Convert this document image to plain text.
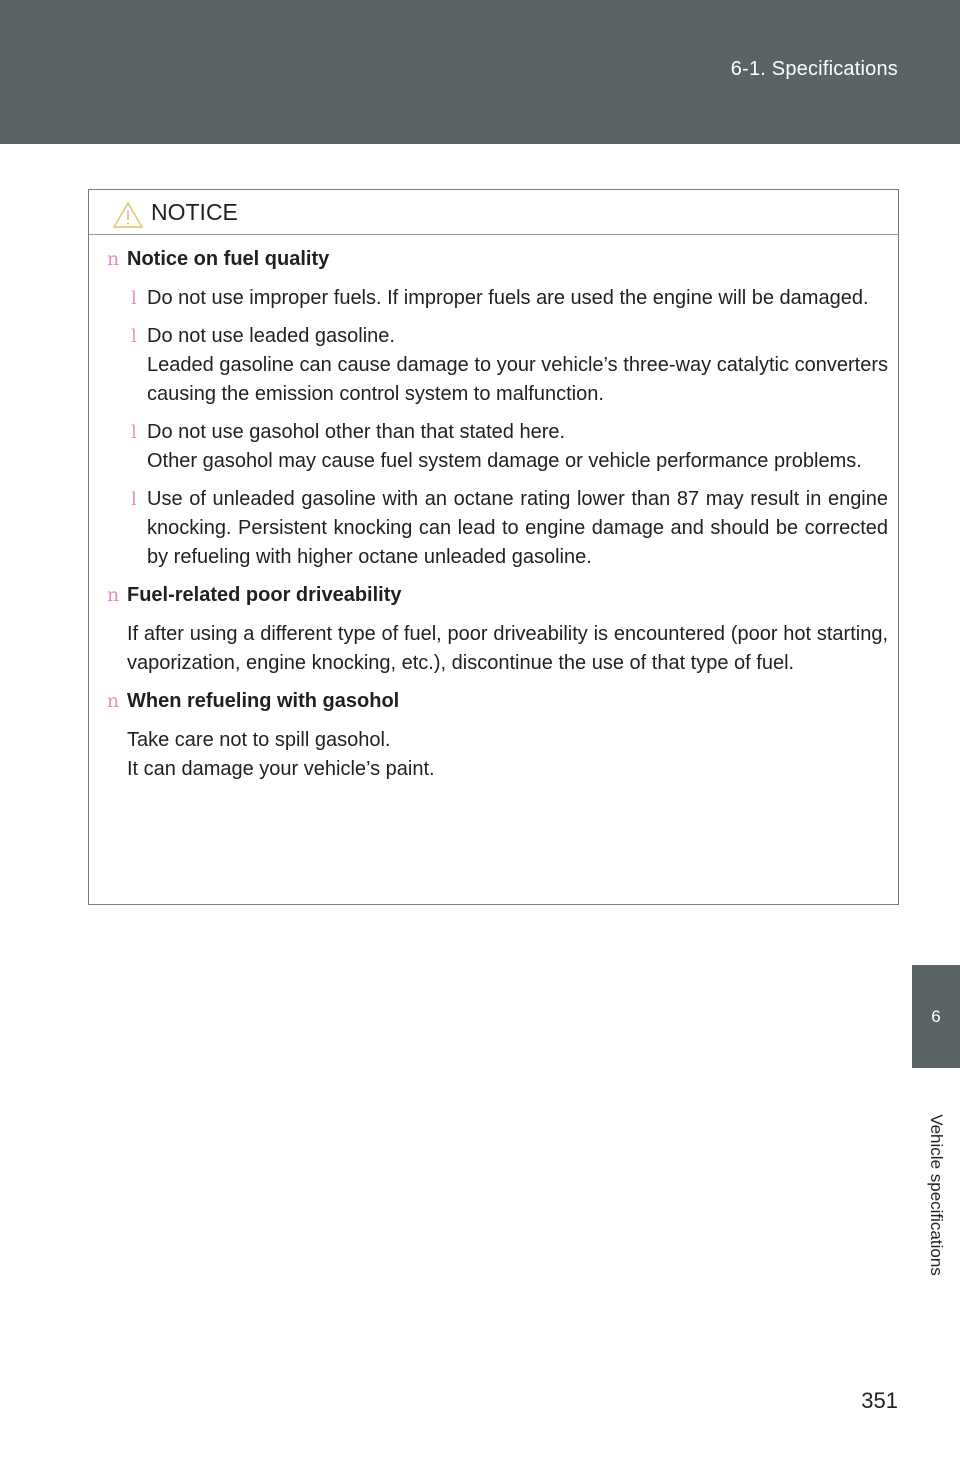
6-1. Specifications
6
Vehicle specifications
NOTICE
n Notice on fuel quality
l Do not use improper fuels. If improper fuels are used the engine will be damaged.
l Do not use leaded gasoline.
Leaded gasoline can cause damage to your vehicle’s three-way catalytic converters causing the emission control system to malfunction.
l Do not use gasohol other than that stated here.
Other gasohol may cause fuel system damage or vehicle performance problems.
l Use of unleaded gasoline with an octane rating lower than 87 may result in engine knocking. Persistent knocking can lead to engine damage and should be corrected by refueling with higher octane unleaded gasoline.
n Fuel-related poor driveability
If after using a different type of fuel, poor driveability is encountered (poor hot starting, vaporization, engine knocking, etc.), discontinue the use of that type of fuel.
n When refueling with gasohol
Take care not to spill gasohol.
It can damage your vehicle’s paint.
351
